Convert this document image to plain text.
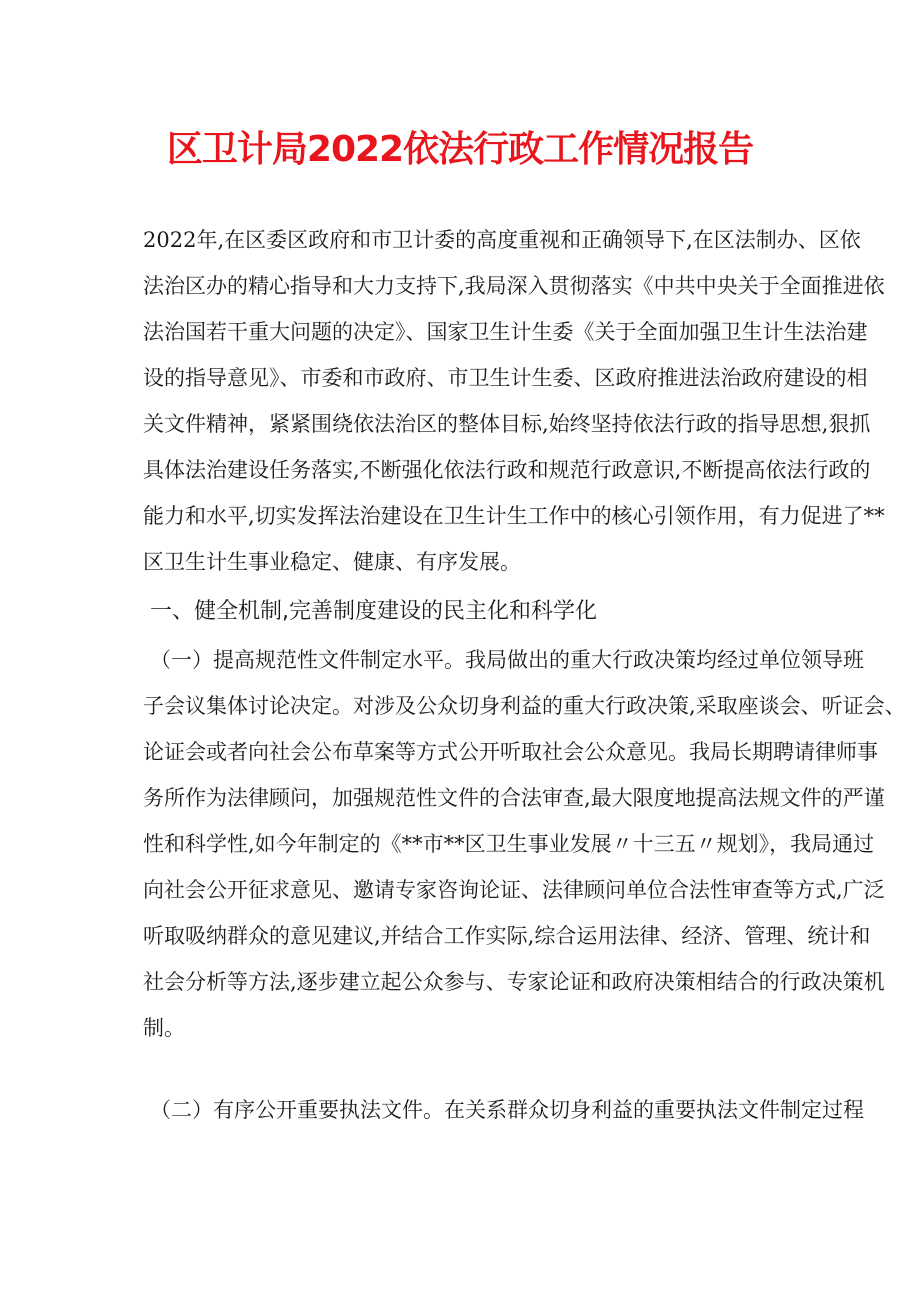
区卫计局2022依法行政工作情况报告
2022年,在区委区政府和市卫计委的高度重视和正确领导下,在区法制办、区依
法治区办的精心指导和大力支持下,我局深入贯彻落实《中共中央关于全面推进依
法治国若干重大问题的决定》、国家卫生计生委《关于全面加强卫生计生法治建
设的指导意见》、市委和市政府、市卫生计生委、区政府推进法治政府建设的相
关文件精神，紧紧围绕依法治区的整体目标,始终坚持依法行政的指导思想,狠抓
具体法治建设任务落实,不断强化依法行政和规范行政意识,不断提高依法行政的
能力和水平,切实发挥法治建设在卫生计生工作中的核心引领作用，有力促进了**
区卫生计生事业稳定、健康、有序发展。
一、健全机制,完善制度建设的民主化和科学化
（一）提高规范性文件制定水平。我局做出的重大行政决策均经过单位领导班
子会议集体讨论决定。对涉及公众切身利益的重大行政决策,采取座谈会、听证会、
论证会或者向社会公布草案等方式公开听取社会公众意见。我局长期聘请律师事
务所作为法律顾问，加强规范性文件的合法审查,最大限度地提高法规文件的严谨
性和科学性,如今年制定的《**市**区卫生事业发展〃十三五〃规划》，我局通过
向社会公开征求意见、邀请专家咨询论证、法律顾问单位合法性审查等方式,广泛
听取吸纳群众的意见建议,并结合工作实际,综合运用法律、经济、管理、统计和
社会分析等方法,逐步建立起公众参与、专家论证和政府决策相结合的行政决策机
制。
（二）有序公开重要执法文件。在关系群众切身利益的重要执法文件制定过程
